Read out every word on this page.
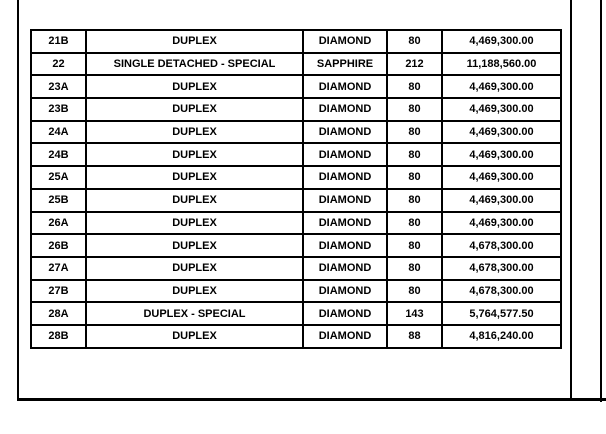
21B	DUPLEX	DIAMOND	80	4,469,300.00
22	SINGLE DETACHED - SPECIAL	SAPPHIRE	212	11,188,560.00
23A	DUPLEX	DIAMOND	80	4,469,300.00
23B	DUPLEX	DIAMOND	80	4,469,300.00
24A	DUPLEX	DIAMOND	80	4,469,300.00
24B	DUPLEX	DIAMOND	80	4,469,300.00
25A	DUPLEX	DIAMOND	80	4,469,300.00
25B	DUPLEX	DIAMOND	80	4,469,300.00
26A	DUPLEX	DIAMOND	80	4,469,300.00
26B	DUPLEX	DIAMOND	80	4,678,300.00
27A	DUPLEX	DIAMOND	80	4,678,300.00
27B	DUPLEX	DIAMOND	80	4,678,300.00
28A	DUPLEX - SPECIAL	DIAMOND	143	5,764,577.50
28B	DUPLEX	DIAMOND	88	4,816,240.00
